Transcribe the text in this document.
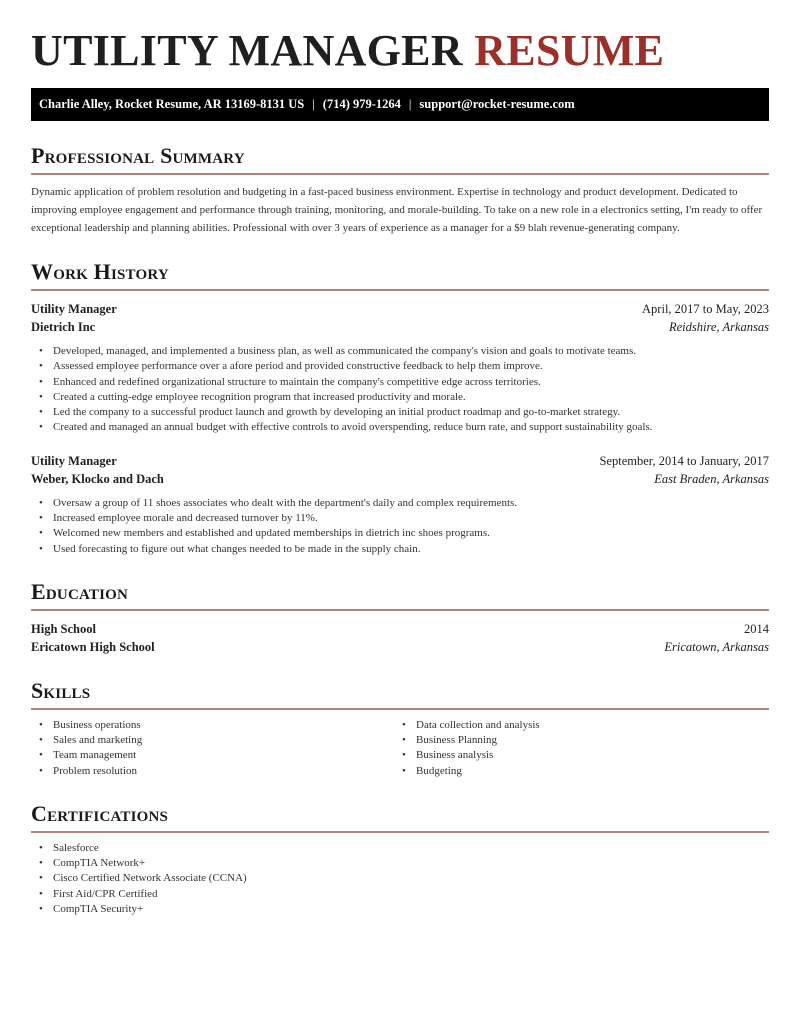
UTILITY MANAGER RESUME
Charlie Alley, Rocket Resume, AR 13169-8131 US | (714) 979-1264 | support@rocket-resume.com
Professional Summary

Dynamic application of problem resolution and budgeting in a fast-paced business environment. Expertise in technology and product development. Dedicated to improving employee engagement and performance through training, monitoring, and morale-building. To take on a new role in a electronics setting, I'm ready to offer exceptional leadership and planning abilities. Professional with over 3 years of experience as a manager for a $9 blah revenue-generating company.

Work History
Utility Manager	April, 2017 to May, 2023
Dietrich Inc	Reidshire, Arkansas
• Developed, managed, and implemented a business plan, as well as communicated the company's vision and goals to motivate teams.
• Assessed employee performance over a afore period and provided constructive feedback to help them improve.
• Enhanced and redefined organizational structure to maintain the company's competitive edge across territories.
• Created a cutting-edge employee recognition program that increased productivity and morale.
• Led the company to a successful product launch and growth by developing an initial product roadmap and go-to-market strategy.
• Created and managed an annual budget with effective controls to avoid overspending, reduce burn rate, and support sustainability goals.
Utility Manager	September, 2014 to January, 2017
Weber, Klocko and Dach	East Braden, Arkansas
• Oversaw a group of 11 shoes associates who dealt with the department's daily and complex requirements.
• Increased employee morale and decreased turnover by 11%.
• Welcomed new members and established and updated memberships in dietrich inc shoes programs.
• Used forecasting to figure out what changes needed to be made in the supply chain.
Education
High School	2014
Ericatown High School	Ericatown, Arkansas
Skills
• Business operations
• Sales and marketing
• Team management
• Problem resolution
• Data collection and analysis
• Business Planning
• Business analysis
• Budgeting
Certifications
• Salesforce
• CompTIA Network+
• Cisco Certified Network Associate (CCNA)
• First Aid/CPR Certified
• CompTIA Security+
